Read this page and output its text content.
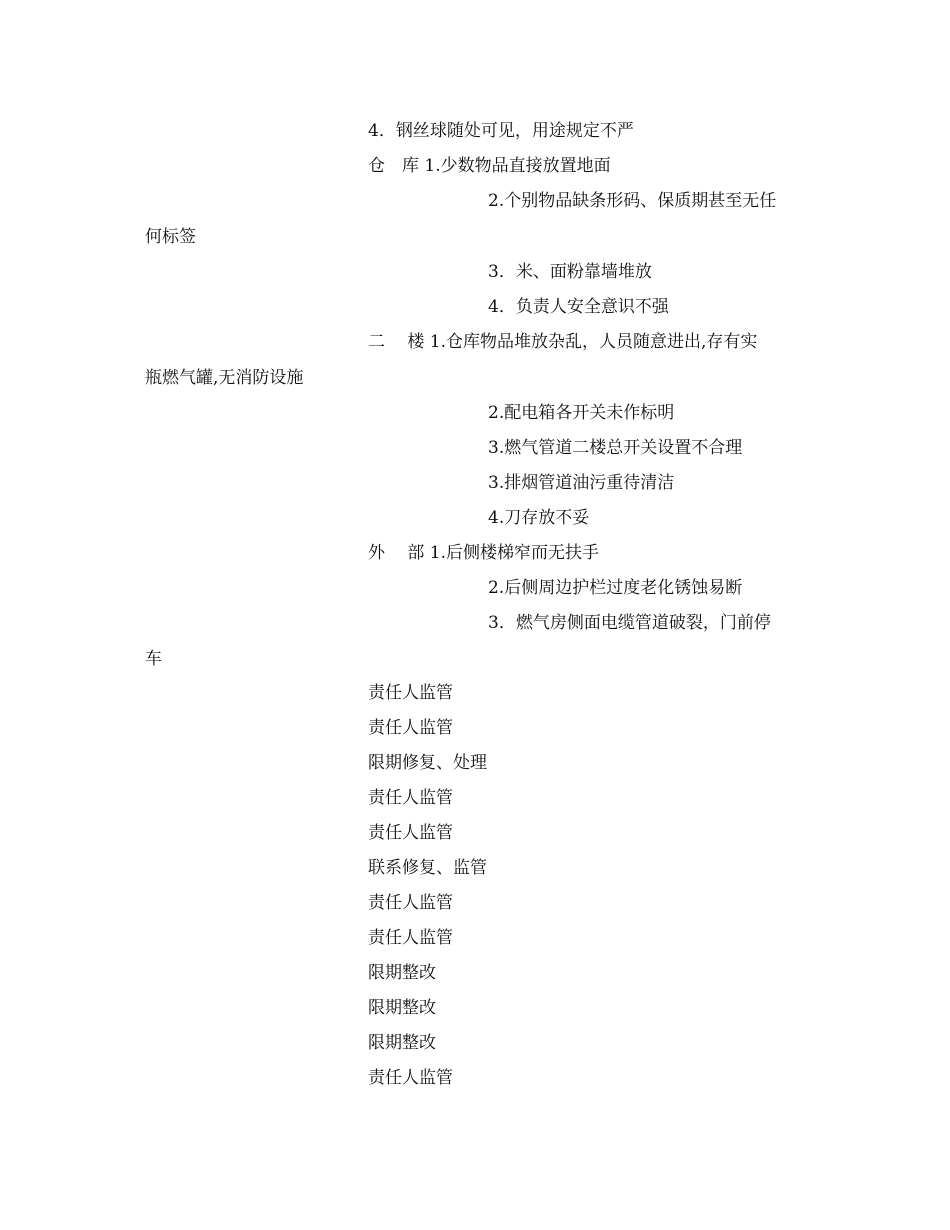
4．钢丝球随处可见，用途规定不严
仓　库 1.少数物品直接放置地面
2.个别物品缺条形码、保质期甚至无任
何标签
3．米、面粉靠墙堆放
4．负责人安全意识不强
二　 楼 1.仓库物品堆放杂乱，人员随意进出,存有实
瓶燃气罐,无消防设施
2.配电箱各开关未作标明
3.燃气管道二楼总开关设置不合理
3.排烟管道油污重待清洁
4.刀存放不妥
外　 部 1.后侧楼梯窄而无扶手
2.后侧周边护栏过度老化锈蚀易断
3．燃气房侧面电缆管道破裂，门前停
车
责任人监管
责任人监管
限期修复、处理
责任人监管
责任人监管
联系修复、监管
责任人监管
责任人监管
限期整改
限期整改
限期整改
责任人监管
